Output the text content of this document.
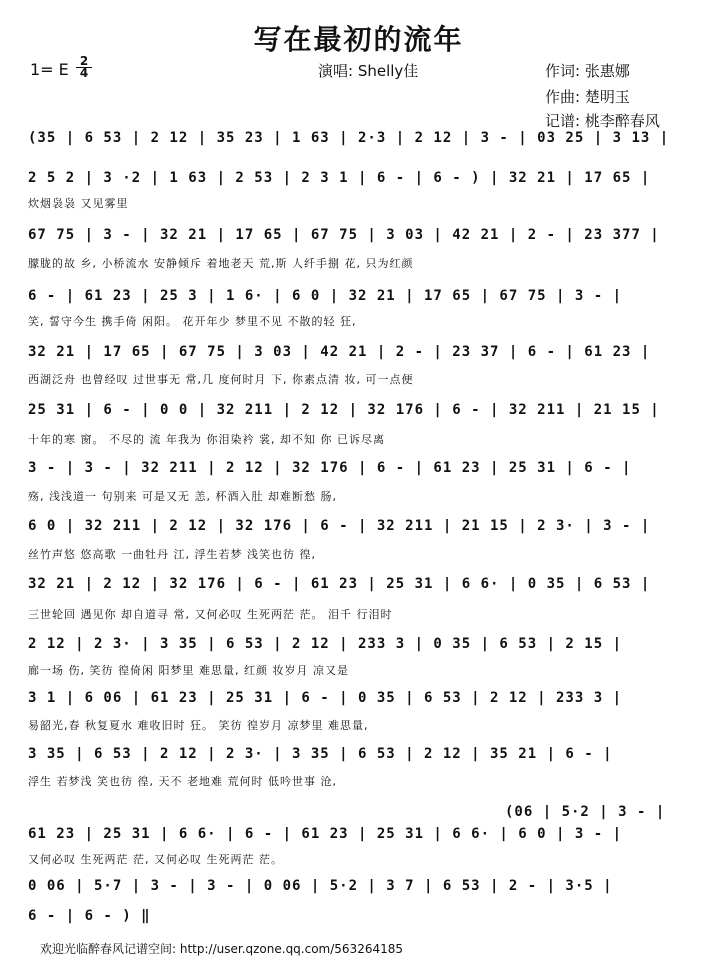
写在最初的流年
1= E 2
4	演唱: Shelly佳	作词: 张惠娜
作曲: 楚明玉
记谱: 桃李醉春风
(35 | 6 53 | 2 12 | 35 23 | 1 63 | 2·3 | 2 12 | 3 - | 03 25 | 3 13 |
2 5 2 | 3 ·2 | 1 63 | 2 53 | 2 3 1 | 6 - | 6 - ) | 32 21 | 17 65 |
炊烟袅袅 又见雾里
67 75 | 3 - | 32 21 | 17 65 | 67 75 | 3 03 | 42 21 | 2 - | 23 377 |
朦胧的故 乡, 小桥流水 安静倾斥 着地老天 荒,斯 人纤手捌 花, 只为红颜
6 - | 61 23 | 25 3 | 1 6· | 6 0 | 32 21 | 17 65 | 67 75 | 3 - |
笑, 誓守今生 携手倚 闲阳。 花开年少 梦里不见 不散的轻 狂,
32 21 | 17 65 | 67 75 | 3 03 | 42 21 | 2 - | 23 37 | 6 - | 61 23 |
西湖泛舟 也曾经叹 过世事无 常,几 度何时月 下, 你素点清 妆, 可一点便
25 31 | 6 - | 0 0 | 32 211 | 2 12 | 32 176 | 6 - | 32 211 | 21 15 |
十年的寒 窗。 不尽的 流 年我为 你泪染衿 裳, 却不知 你 已诉尽离
3 - | 3 - | 32 211 | 2 12 | 32 176 | 6 - | 61 23 | 25 31 | 6 - |
殇, 浅浅道一 句别来 可是又无 恙, 杯酒入肚 却难断愁 肠,
6 0 | 32 211 | 2 12 | 32 176 | 6 - | 32 211 | 21 15 | 2 3· | 3 - |
丝竹声悠 悠高歌 一曲牡丹 江, 浮生若梦 浅笑也彷 徨,
32 21 | 2 12 | 32 176 | 6 - | 61 23 | 25 31 | 6 6· | 0 35 | 6 53 |
三世轮回 遇见你 却自道寻 常, 又何必叹 生死两茫 茫。 泪千 行泪时
2 12 | 2 3· | 3 35 | 6 53 | 2 12 | 233 3 | 0 35 | 6 53 | 2 15 |
廊一场 伤, 笑彷 徨倚闲 阳梦里 难思量, 红颜 妆岁月 凉又是
3 1 | 6 06 | 61 23 | 25 31 | 6 - | 0 35 | 6 53 | 2 12 | 233 3 |
易韶光,春 秋复夏水 难收旧时 狂。 笑彷 徨岁月 凉梦里 难思量,
3 35 | 6 53 | 2 12 | 2 3· | 3 35 | 6 53 | 2 12 | 35 21 | 6 - |
浮生 若梦浅 笑也彷 徨, 天不 老地难 荒何时 低吟世事 沧,
(06 | 5·2 | 3 - |
61 23 | 25 31 | 6 6· | 6 - | 61 23 | 25 31 | 6 6· | 6 0 | 3 - |
又何必叹 生死两茫 茫, 又何必叹 生死两茫 茫。
0 06 | 5·7 | 3 - | 3 - | 0 06 | 5·2 | 3 7 | 6 53 | 2 - | 3·5 |
6 - | 6 - ) ‖
欢迎光临醉春风记谱空间: http://user.qzone.qq.com/563264185
